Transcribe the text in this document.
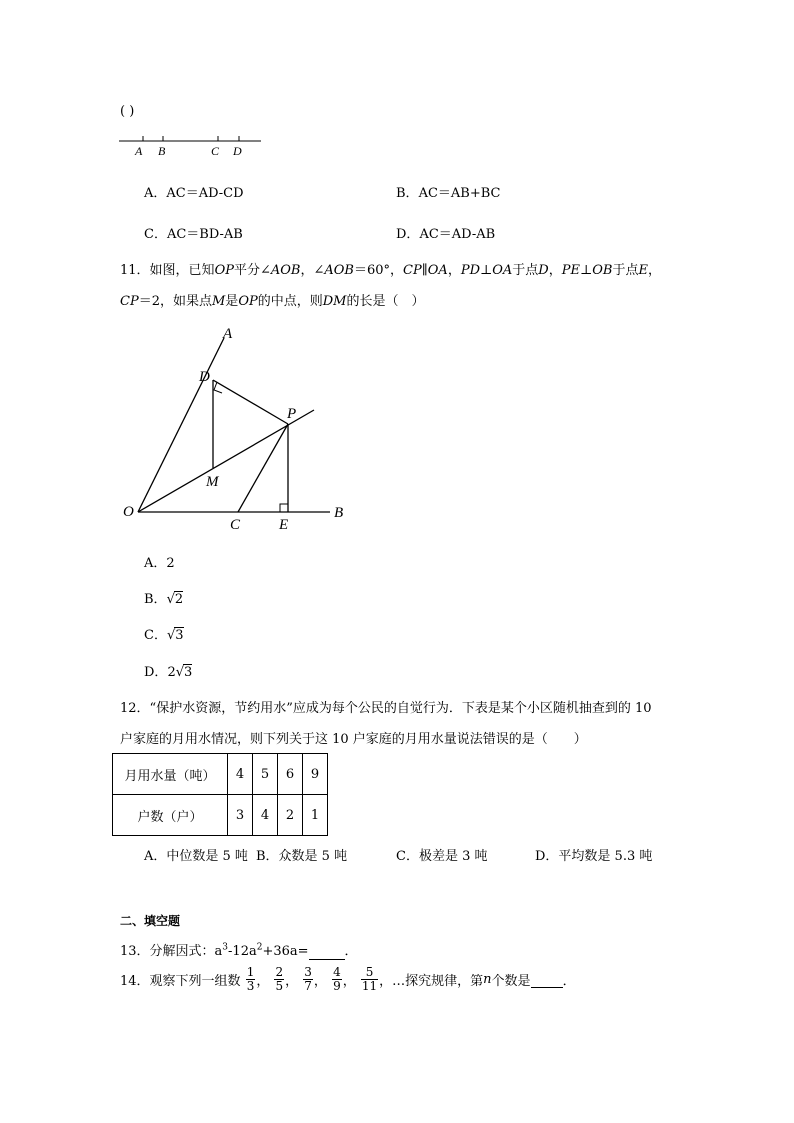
( )
A B	C D
A．AC＝AD-CD	B．AC＝AB+BC
C．AC＝BD-AB	D．AC＝AD-AB
11．如图，已知OP平分∠AOB，∠AOB＝60°，CP∥OA，PD⊥OA于点D，PE⊥OB于点E，
CP＝2，如果点M是OP的中点，则DM的长是（　）
A
D
P
M
O
C	E
B
A．2
B．√2
C．√3
D．2√3
12．“保护水资源，节约用水”应成为每个公民的自觉行为．下表是某个小区随机抽查到的 10
户家庭的月用水情况，则下列关于这 10 户家庭的月用水量说法错误的是（　　）
月用水量（吨）	4	5	6	9
户数（户）	3	4	2	1
A．中位数是 5 吨 B．众数是 5 吨	C．极差是 3 吨	D．平均数是 5.3 吨
二、填空题
13．分解因式：$a^3-12a^2+36a=$	．
14．观察下列一组数 $\frac{1}{3}$ ， $\frac{2}{5}$ ， $\frac{3}{7}$ ， $\frac{4}{9}$ ， $\frac{5}{11}$ ，…探究规律，第n个数是 ．
